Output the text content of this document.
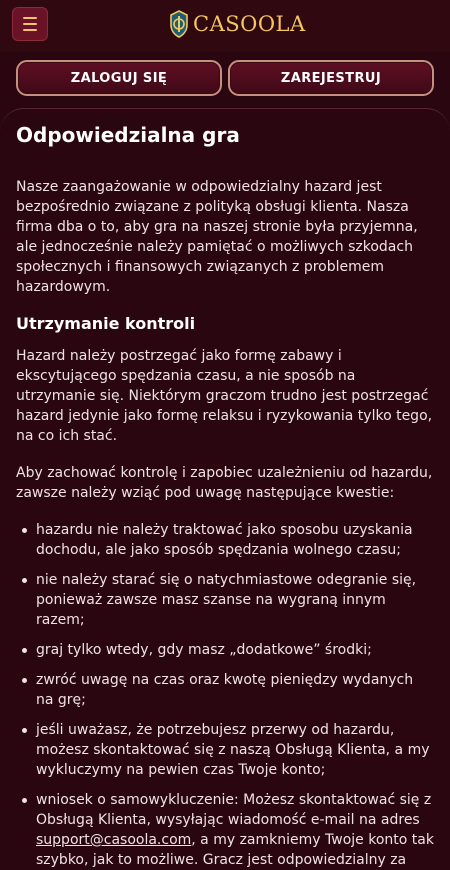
CASOOLA
ZALOGUJ SIĘ	ZAREJESTRUJ
Odpowiedzialna gra

Nasze zaangażowanie w odpowiedzialny hazard jest bezpośrednio związane z polityką obsługi klienta. Nasza firma dba o to, aby gra na naszej stronie była przyjemna, ale jednocześnie należy pamiętać o możliwych szkodach społecznych i finansowych związanych z problemem hazardowym.

Utrzymanie kontroli

Hazard należy postrzegać jako formę zabawy i ekscytującego spędzania czasu, a nie sposób na utrzymanie się. Niektórym graczom trudno jest postrzegać hazard jedynie jako formę relaksu i ryzykowania tylko tego, na co ich stać.

Aby zachować kontrolę i zapobiec uzależnieniu od hazardu, zawsze należy wziąć pod uwagę następujące kwestie:

hazardu nie należy traktować jako sposobu uzyskania dochodu, ale jako sposób spędzania wolnego czasu;
nie należy starać się o natychmiastowe odegranie się, ponieważ zawsze masz szanse na wygraną innym razem;
graj tylko wtedy, gdy masz „dodatkowe” środki;
zwróć uwagę na czas oraz kwotę pieniędzy wydanych na grę;
jeśli uważasz, że potrzebujesz przerwy od hazardu, możesz skontaktować się z naszą Obsługą Klienta, a my wykluczymy na pewien czas Twoje konto;
wniosek o samowykluczenie: Możesz skontaktować się z Obsługą Klienta, wysyłając wiadomość e-mail na adres support@casoola.com, a my zamkniemy Twoje konto tak szybko, jak to możliwe. Gracz jest odpowiedzialny za
